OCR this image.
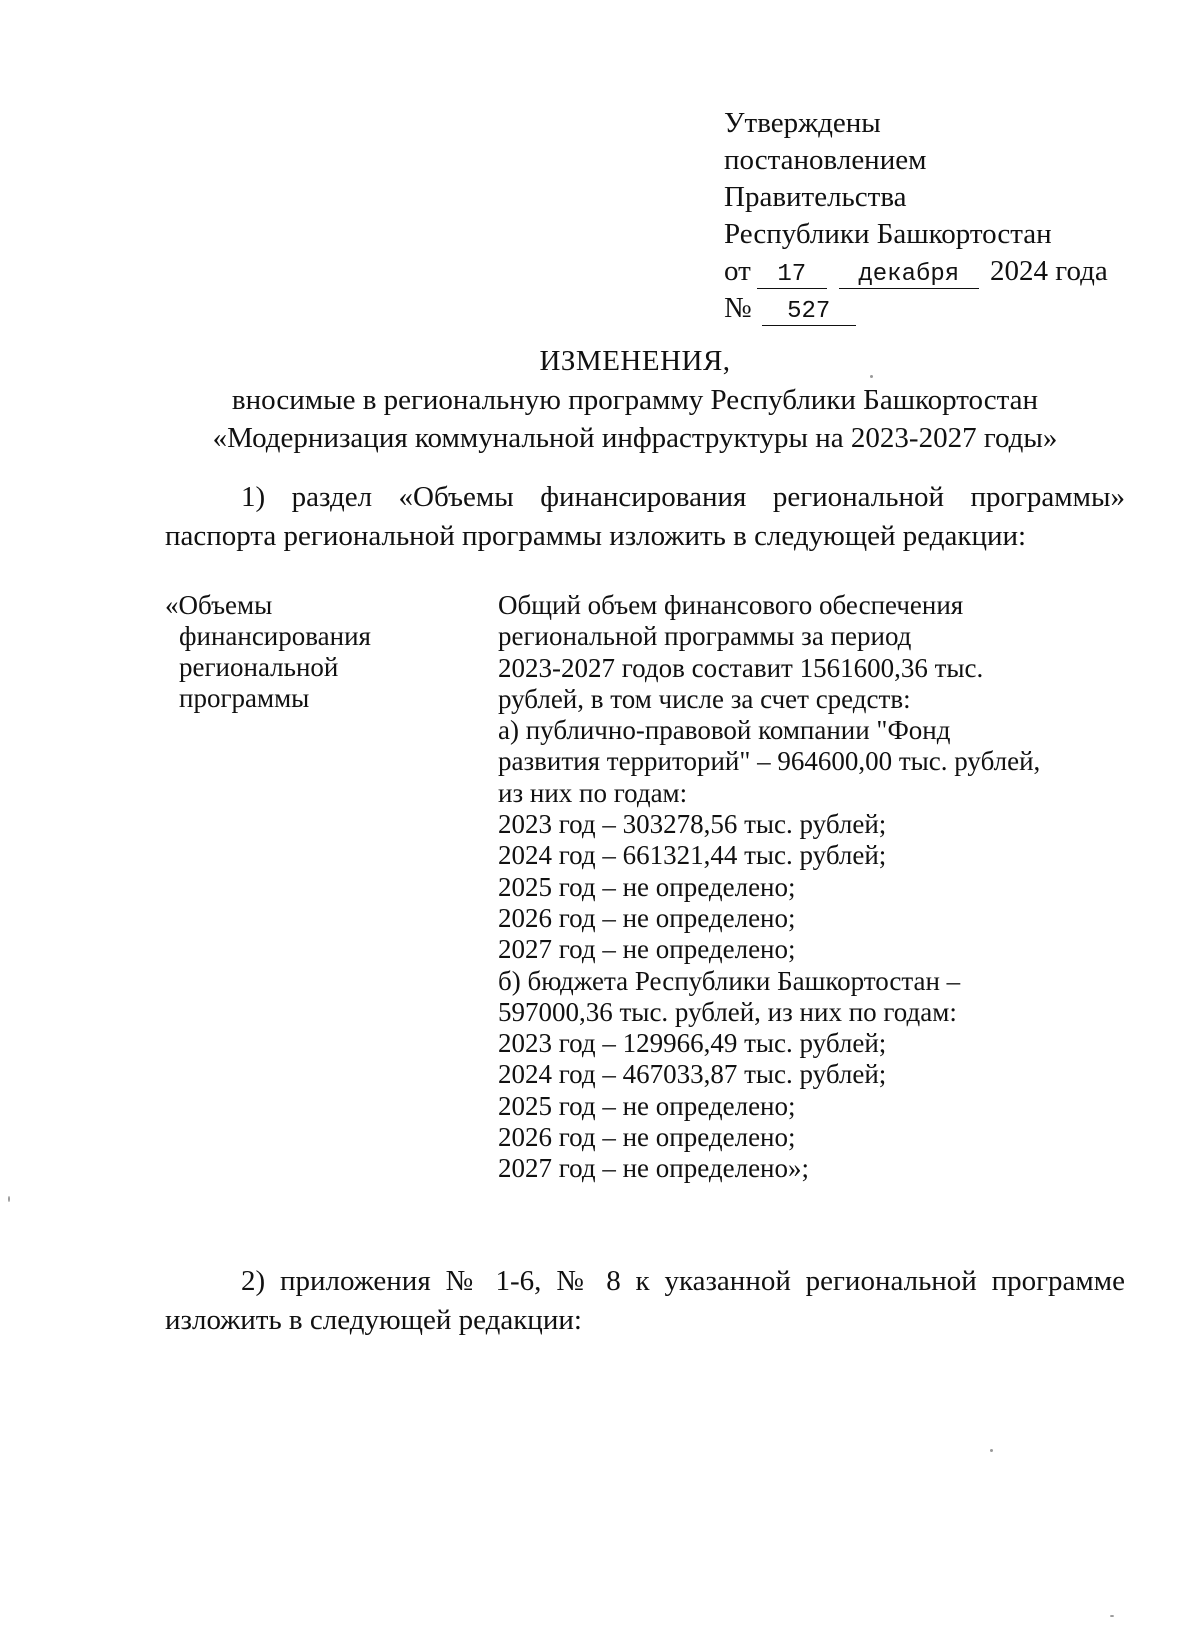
Утверждены
постановлением
Правительства
Республики Башкортостан
от 17 декабря 2024 года
№ 527
ИЗМЕНЕНИЯ,
вносимые в региональную программу Республики Башкортостан
«Модернизация коммунальной инфраструктуры на 2023-2027 годы»
1) раздел «Объемы финансирования региональной программы»
паспорта региональной программы изложить в следующей редакции:
«Объемы
финансирования
региональной
программы
Общий объем финансового обеспечения
региональной программы за период
2023-2027 годов составит 1561600,36 тыс.
рублей, в том числе за счет средств:
а) публично-правовой компании "Фонд
развития территорий" – 964600,00 тыс. рублей,
из них по годам:
2023 год – 303278,56 тыс. рублей;
2024 год – 661321,44 тыс. рублей;
2025 год – не определено;
2026 год – не определено;
2027 год – не определено;
б) бюджета Республики Башкортостан –
597000,36 тыс. рублей, из них по годам:
2023 год – 129966,49 тыс. рублей;
2024 год – 467033,87 тыс. рублей;
2025 год – не определено;
2026 год – не определено;
2027 год – не определено»;
2) приложения № 1-6, № 8 к указанной региональной программе
изложить в следующей редакции:
